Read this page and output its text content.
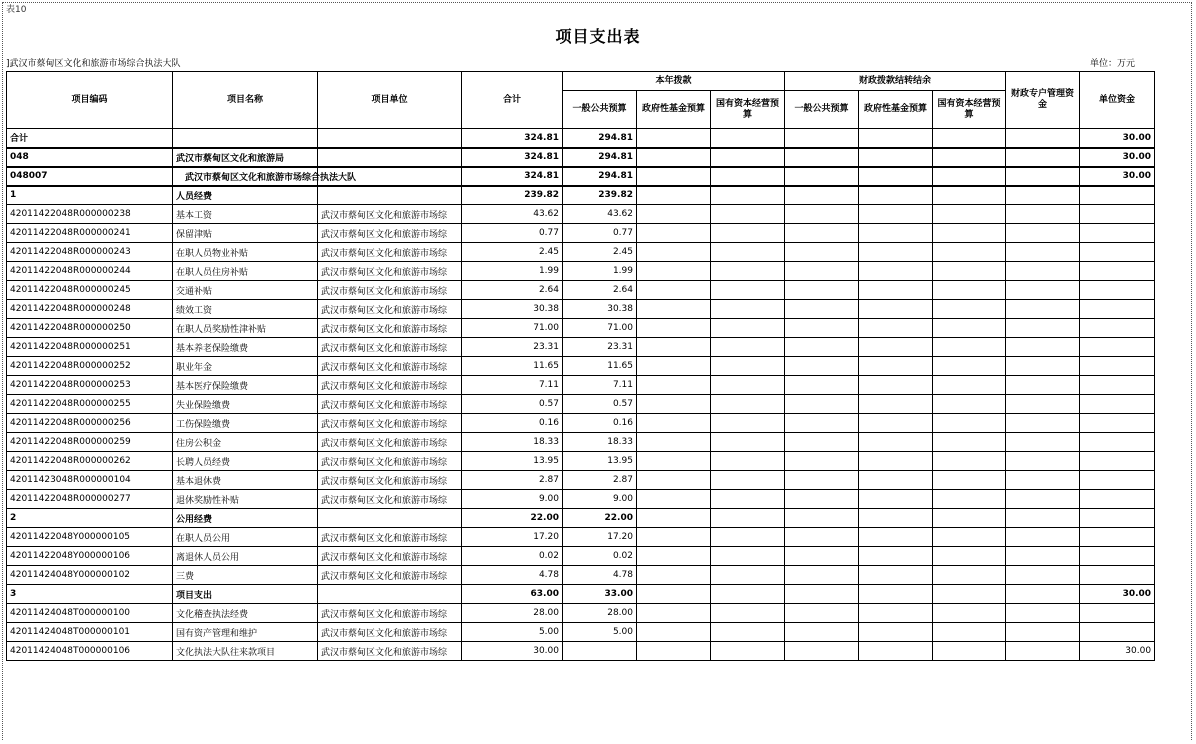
表10
项目支出表
]武汉市蔡甸区文化和旅游市场综合执法大队	单位：万元
项目编码	项目名称	项目单位	合计	本年拨款			财政拨款结转结余			财政专户管理资金	单位资金
				一般公共预算	政府性基金预算	国有资本经营预算	一般公共预算	政府性基金预算	国有资本经营预算		
合计			324.81	294.81							30.00
048	武汉市蔡甸区文化和旅游局		324.81	294.81							30.00
048007	武汉市蔡甸区文化和旅游市场综合执法大队		324.81	294.81							30.00
1	人员经费		239.82	239.82							
42011422048R000000238	基本工资	武汉市蔡甸区文化和旅游市场综	43.62	43.62							
42011422048R000000241	保留津贴	武汉市蔡甸区文化和旅游市场综	0.77	0.77							
42011422048R000000243	在职人员物业补贴	武汉市蔡甸区文化和旅游市场综	2.45	2.45							
42011422048R000000244	在职人员住房补贴	武汉市蔡甸区文化和旅游市场综	1.99	1.99							
42011422048R000000245	交通补贴	武汉市蔡甸区文化和旅游市场综	2.64	2.64							
42011422048R000000248	绩效工资	武汉市蔡甸区文化和旅游市场综	30.38	30.38							
42011422048R000000250	在职人员奖励性津补贴	武汉市蔡甸区文化和旅游市场综	71.00	71.00							
42011422048R000000251	基本养老保险缴费	武汉市蔡甸区文化和旅游市场综	23.31	23.31							
42011422048R000000252	职业年金	武汉市蔡甸区文化和旅游市场综	11.65	11.65							
42011422048R000000253	基本医疗保险缴费	武汉市蔡甸区文化和旅游市场综	7.11	7.11							
42011422048R000000255	失业保险缴费	武汉市蔡甸区文化和旅游市场综	0.57	0.57							
42011422048R000000256	工伤保险缴费	武汉市蔡甸区文化和旅游市场综	0.16	0.16							
42011422048R000000259	住房公积金	武汉市蔡甸区文化和旅游市场综	18.33	18.33							
42011422048R000000262	长聘人员经费	武汉市蔡甸区文化和旅游市场综	13.95	13.95							
42011423048R000000104	基本退休费	武汉市蔡甸区文化和旅游市场综	2.87	2.87							
42011422048R000000277	退休奖励性补贴	武汉市蔡甸区文化和旅游市场综	9.00	9.00							
2	公用经费		22.00	22.00							
42011422048Y000000105	在职人员公用	武汉市蔡甸区文化和旅游市场综	17.20	17.20							
42011422048Y000000106	离退休人员公用	武汉市蔡甸区文化和旅游市场综	0.02	0.02							
42011424048Y000000102	三费	武汉市蔡甸区文化和旅游市场综	4.78	4.78							
3	项目支出		63.00	33.00							30.00
42011424048T000000100	文化稽查执法经费	武汉市蔡甸区文化和旅游市场综	28.00	28.00							
42011424048T000000101	国有资产管理和维护	武汉市蔡甸区文化和旅游市场综	5.00	5.00							
42011424048T000000106	文化执法大队往来款项目	武汉市蔡甸区文化和旅游市场综	30.00								30.00
